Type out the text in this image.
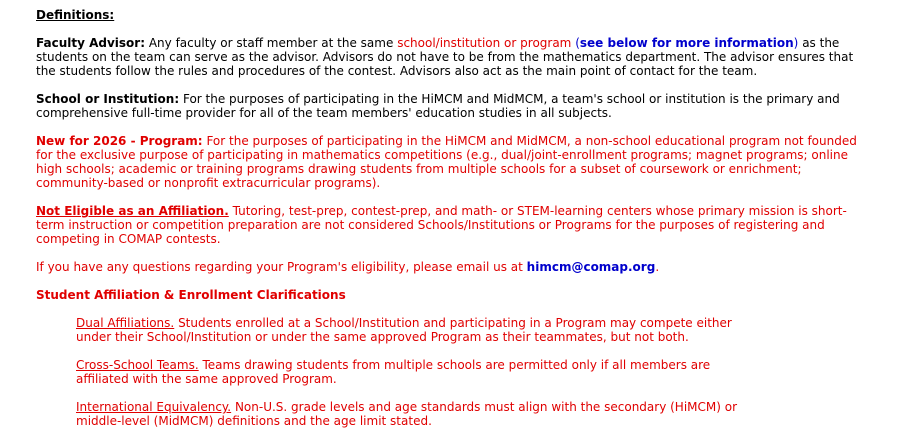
Definitions:

Faculty Advisor: Any faculty or staff member at the same school/institution or program (see below for more information) as the students on the team can serve as the advisor. Advisors do not have to be from the mathematics department. The advisor ensures that the students follow the rules and procedures of the contest. Advisors also act as the main point of contact for the team.

School or Institution: For the purposes of participating in the HiMCM and MidMCM, a team's school or institution is the primary and comprehensive full-time provider for all of the team members' education studies in all subjects.

New for 2026 - Program: For the purposes of participating in the HiMCM and MidMCM, a non-school educational program not founded for the exclusive purpose of participating in mathematics competitions (e.g., dual/joint-enrollment programs; magnet programs; online high schools; academic or training programs drawing students from multiple schools for a subset of coursework or enrichment; community-based or nonprofit extracurricular programs).

Not Eligible as an Affiliation. Tutoring, test-prep, contest-prep, and math- or STEM-learning centers whose primary mission is short-term instruction or competition preparation are not considered Schools/Institutions or Programs for the purposes of registering and competing in COMAP contests.

If you have any questions regarding your Program's eligibility, please email us at himcm@comap.org.

Student Affiliation & Enrollment Clarifications

Dual Affiliations. Students enrolled at a School/Institution and participating in a Program may compete either under their School/Institution or under the same approved Program as their teammates, but not both.

Cross-School Teams. Teams drawing students from multiple schools are permitted only if all members are affiliated with the same approved Program.

International Equivalency. Non-U.S. grade levels and age standards must align with the secondary (HiMCM) or middle-level (MidMCM) definitions and the age limit stated.
